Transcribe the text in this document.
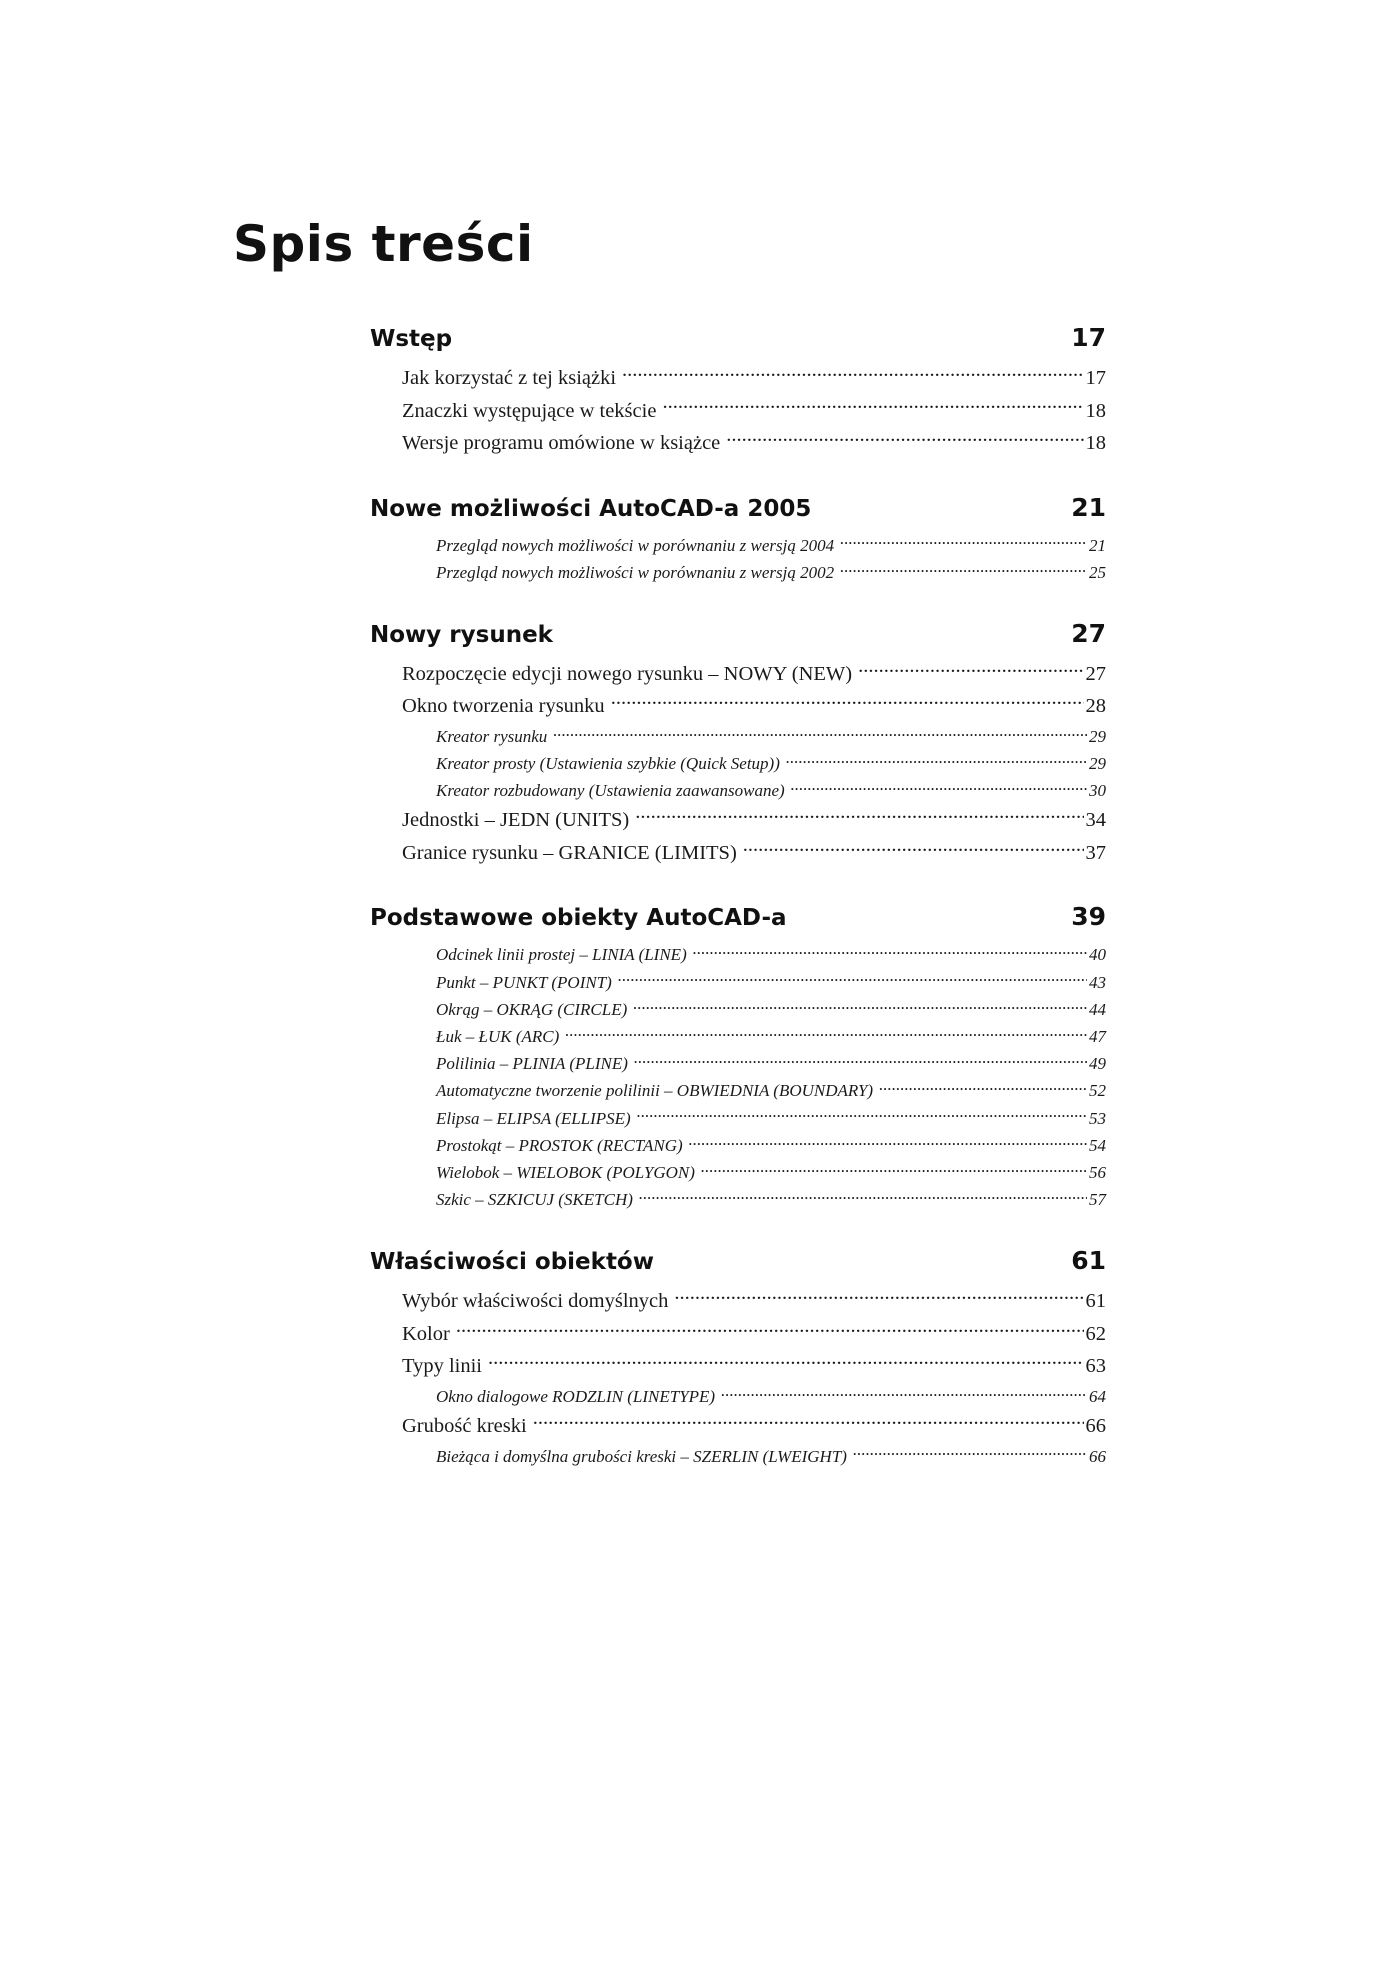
Spis treści
Wstęp	17
Jak korzystać z tej książki .....	17
Znaczki występujące w tekście .....	18
Wersje programu omówione w książce .....	18
Nowe możliwości AutoCAD-a 2005	21
Przegląd nowych możliwości w porównaniu z wersją 2004 .....	21
Przegląd nowych możliwości w porównaniu z wersją 2002 .....	25
Nowy rysunek	27
Rozpoczęcie edycji nowego rysunku – NOWY (NEW) .....	27
Okno tworzenia rysunku .....	28
Kreator rysunku .....	29
Kreator prosty (Ustawienia szybkie (Quick Setup)) .....	29
Kreator rozbudowany (Ustawienia zaawansowane) .....	30
Jednostki – JEDN (UNITS) .....	34
Granice rysunku – GRANICE (LIMITS) .....	37
Podstawowe obiekty AutoCAD-a	39
Odcinek linii prostej – LINIA (LINE) .....	40
Punkt – PUNKT (POINT) .....	43
Okrąg – OKRĄG (CIRCLE) .....	44
Łuk – ŁUK (ARC) .....	47
Polilinia – PLINIA (PLINE) .....	49
Automatyczne tworzenie polilinii – OBWIEDNIA (BOUNDARY) .....	52
Elipsa – ELIPSA (ELLIPSE) .....	53
Prostokąt – PROSTOK (RECTANG) .....	54
Wielobok – WIELOBOK (POLYGON) .....	56
Szkic – SZKICUJ (SKETCH) .....	57
Właściwości obiektów	61
Wybór właściwości domyślnych .....	61
Kolor .....	62
Typy linii .....	63
Okno dialogowe RODZLIN (LINETYPE) .....	64
Grubość kreski .....	66
Bieżąca i domyślna grubości kreski – SZERLIN (LWEIGHT) .....	66
